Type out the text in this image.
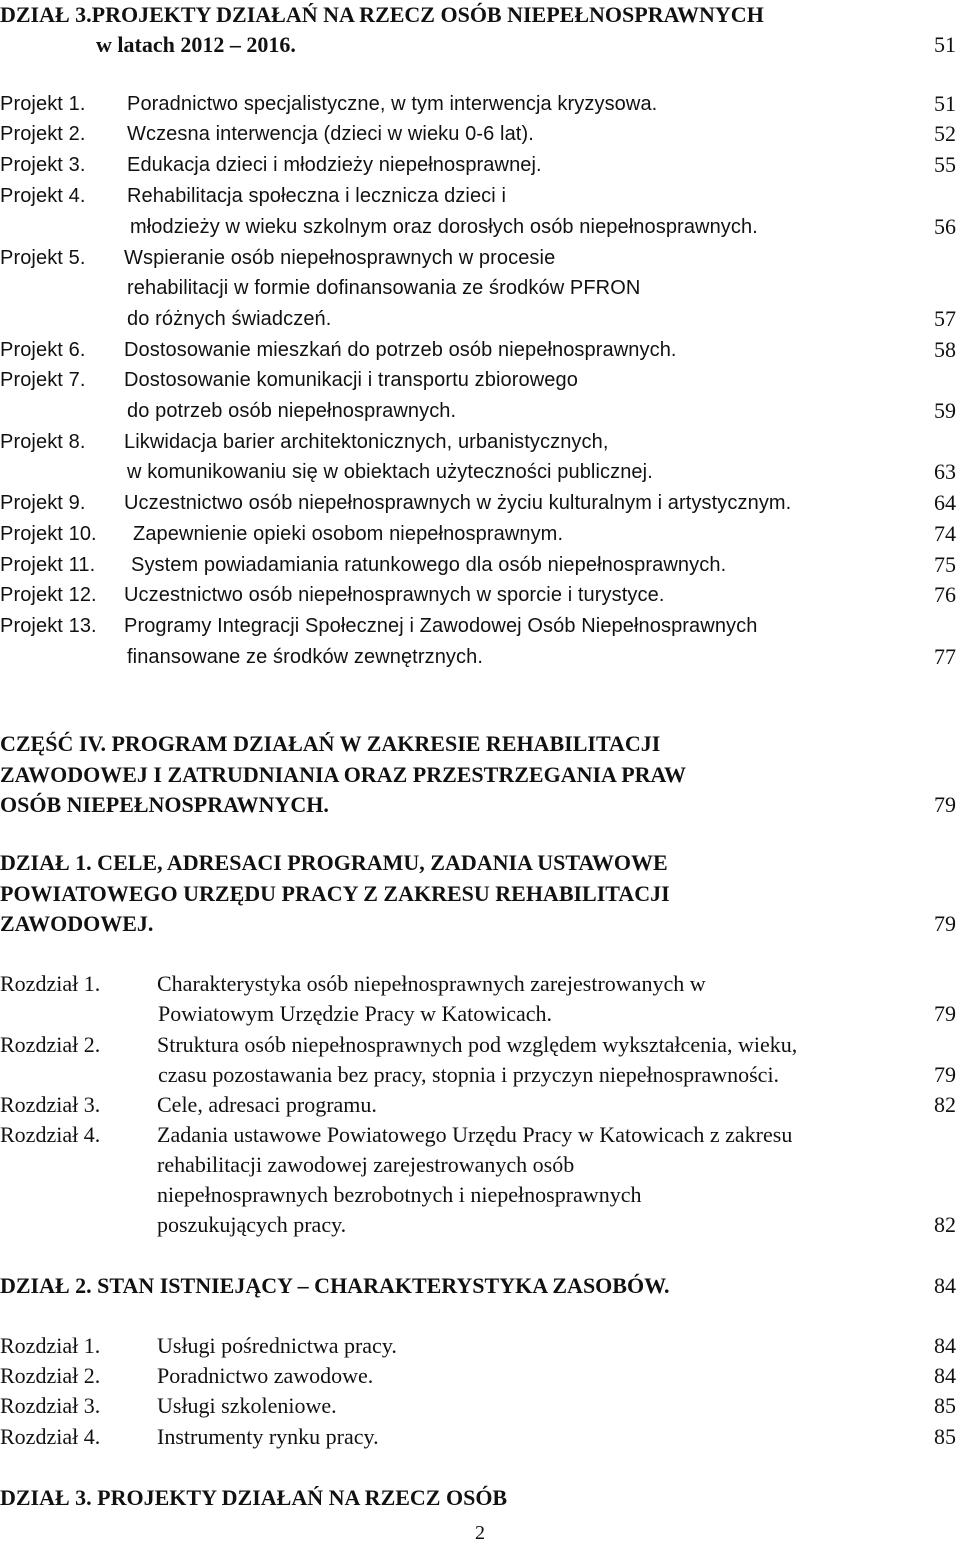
DZIAŁ 3.PROJEKTY DZIAŁAŃ NA RZECZ OSÓB NIEPEŁNOSPRAWNYCH
w latach 2012 – 2016.	51
Projekt 1. Poradnictwo specjalistyczne, w tym interwencja kryzysowa.	51
Projekt 2. Wczesna interwencja (dzieci w wieku 0-6 lat).	52
Projekt 3. Edukacja dzieci i młodzieży niepełnosprawnej.	55
Projekt 4. Rehabilitacja społeczna i lecznicza dzieci i
młodzieży w wieku szkolnym oraz dorosłych osób niepełnosprawnych.	56
Projekt 5. Wspieranie osób niepełnosprawnych w procesie
rehabilitacji w formie dofinansowania ze środków PFRON
do różnych świadczeń.	57
Projekt 6. Dostosowanie mieszkań do potrzeb osób niepełnosprawnych.	58
Projekt 7. Dostosowanie komunikacji i transportu zbiorowego
do potrzeb osób niepełnosprawnych.	59
Projekt 8. Likwidacja barier architektonicznych, urbanistycznych,
w komunikowaniu się w obiektach użyteczności publicznej.	63
Projekt 9. Uczestnictwo osób niepełnosprawnych w życiu kulturalnym i artystycznym.	64
Projekt 10. Zapewnienie opieki osobom niepełnosprawnym.	74
Projekt 11. System powiadamiania ratunkowego dla osób niepełnosprawnych.	75
Projekt 12. Uczestnictwo osób niepełnosprawnych w sporcie i turystyce.	76
Projekt 13. Programy Integracji Społecznej i Zawodowej Osób Niepełnosprawnych
finansowane ze środków zewnętrznych.	77
CZĘŚĆ IV. PROGRAM DZIAŁAŃ W ZAKRESIE REHABILITACJI
ZAWODOWEJ I ZATRUDNIANIA ORAZ PRZESTRZEGANIA PRAW
OSÓB NIEPEŁNOSPRAWNYCH.	79
DZIAŁ 1. CELE, ADRESACI PROGRAMU, ZADANIA USTAWOWE
POWIATOWEGO URZĘDU PRACY Z ZAKRESU REHABILITACJI
ZAWODOWEJ.	79
Rozdział 1.	Charakterystyka osób niepełnosprawnych zarejestrowanych w
Powiatowym Urzędzie Pracy w Katowicach.	79
Rozdział 2.	Struktura osób niepełnosprawnych pod względem wykształcenia, wieku,
czasu pozostawania bez pracy, stopnia i przyczyn niepełnosprawności.	79
Rozdział 3.	Cele, adresaci programu.	82
Rozdział 4.	Zadania ustawowe Powiatowego Urzędu Pracy w Katowicach z zakresu
rehabilitacji zawodowej zarejestrowanych osób
niepełnosprawnych bezrobotnych i niepełnosprawnych
poszukujących pracy.	82
DZIAŁ 2. STAN ISTNIEJĄCY – CHARAKTERYSTYKA ZASOBÓW.	84
Rozdział 1.	Usługi pośrednictwa pracy.	84
Rozdział 2.	Poradnictwo zawodowe.	84
Rozdział 3.	Usługi szkoleniowe.	85
Rozdział 4.	Instrumenty rynku pracy.	85
DZIAŁ 3. PROJEKTY DZIAŁAŃ NA RZECZ OSÓB
2
